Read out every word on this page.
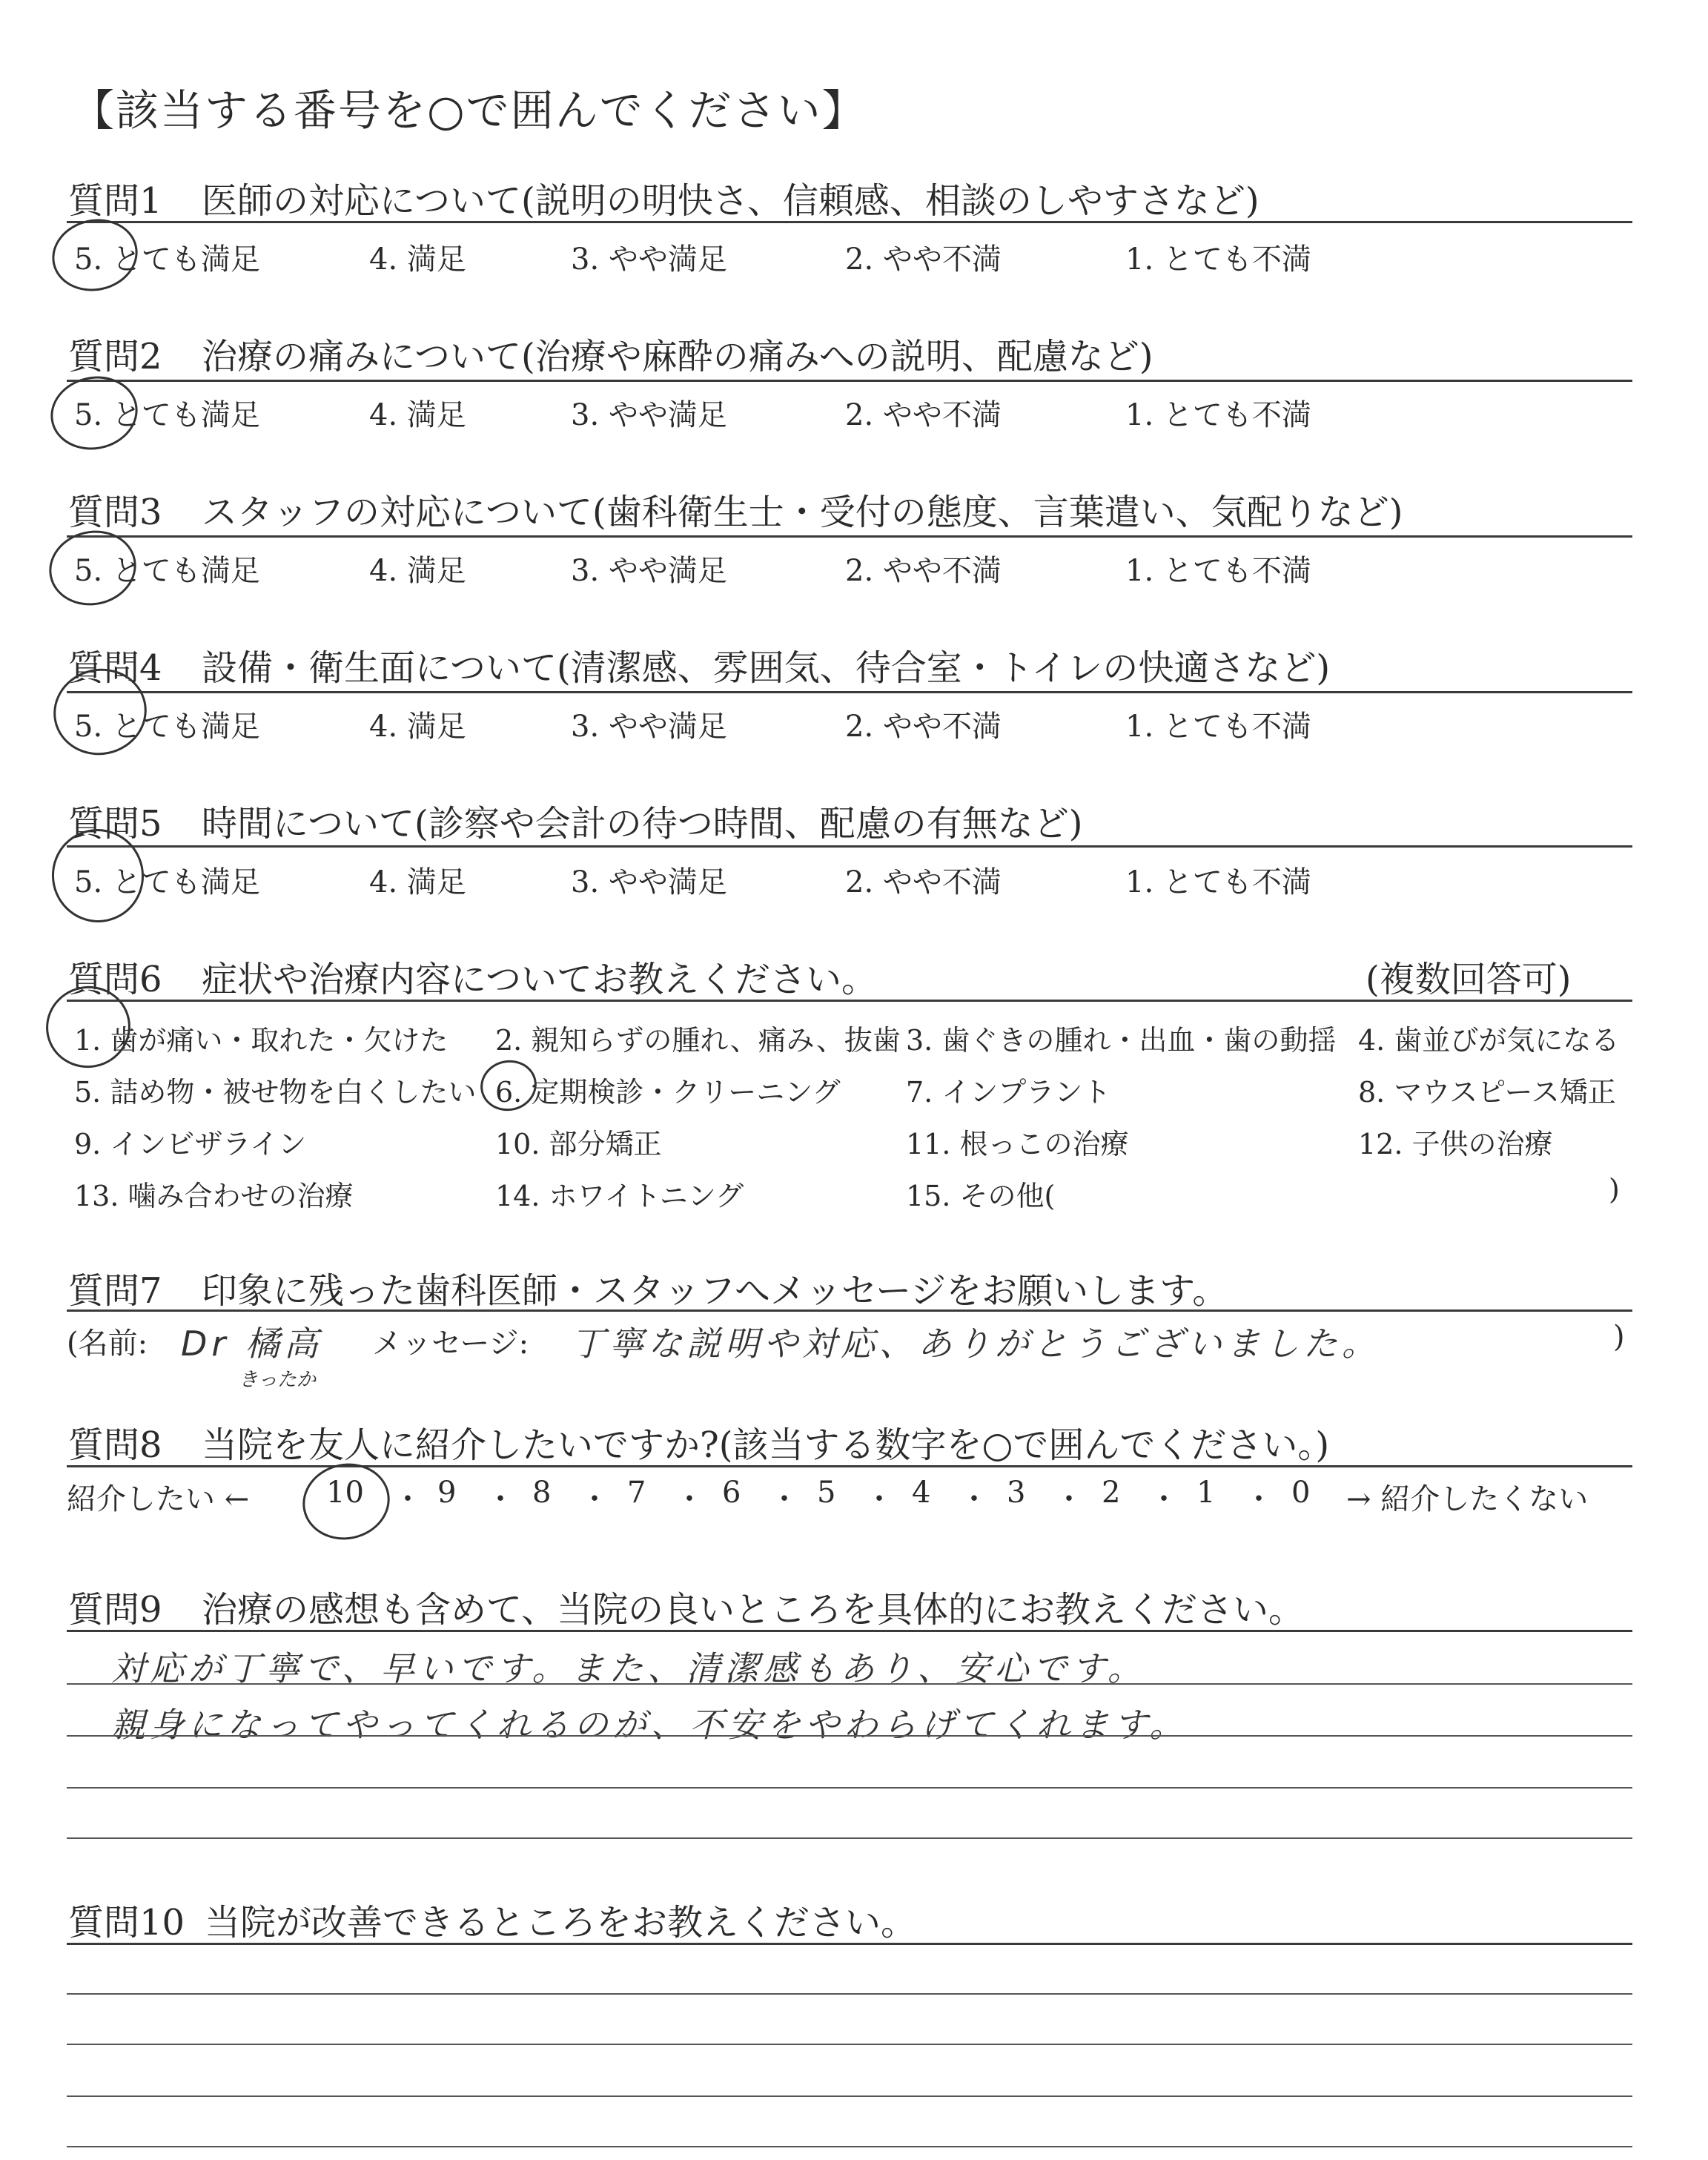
【該当する番号を○で囲んでください】
質問1 医師の対応について(説明の明快さ、信頼感、相談のしやすさなど)
5. とても満足	4. 満足	3. やや満足	2. やや不満	1. とても不満
質問2 治療の痛みについて(治療や麻酔の痛みへの説明、配慮など)
5. とても満足	4. 満足	3. やや満足	2. やや不満	1. とても不満
質問3 スタッフの対応について(歯科衛生士・受付の態度、言葉遣い、気配りなど)
5. とても満足	4. 満足	3. やや満足	2. やや不満	1. とても不満
質問4 設備・衛生面について(清潔感、雰囲気、待合室・トイレの快適さなど)
5. とても満足	4. 満足	3. やや満足	2. やや不満	1. とても不満
質問5 時間について(診察や会計の待つ時間、配慮の有無など)
5. とても満足	4. 満足	3. やや満足	2. やや不満	1. とても不満
質問6 症状や治療内容についてお教えください。	(複数回答可)
1. 歯が痛い・取れた・欠けた 2. 親知らずの腫れ、痛み、抜歯 3. 歯ぐきの腫れ・出血・歯の動揺 4. 歯並びが気になる
5. 詰め物・被せ物を白くしたい 6. 定期検診・クリーニング 7. インプラント	8. マウスピース矯正
9. インビザライン	10. 部分矯正	11. 根っこの治療	12. 子供の治療
13. 噛み合わせの治療	14. ホワイトニング	15. その他(	)
質問7 印象に残った歯科医師・スタッフへメッセージをお願いします。
(名前: Dr 橘高
きったか
メッセージ: 丁寧な説明や対応、ありがとうございました。	)
質問8 当院を友人に紹介したいですか?(該当する数字を○で囲んでください。)
紹介したい ←	10 ・ 9 ・ 8 ・ 7 ・ 6 ・ 5 ・ 4 ・ 3 ・ 2 ・ 1 ・ 0 → 紹介したくない
質問9 治療の感想も含めて、当院の良いところを具体的にお教えください。
対応が丁寧で、早いです。また、清潔感もあり、安心です。
親身になってやってくれるのが、不安をやわらげてくれます。
質問10 当院が改善できるところをお教えください。
